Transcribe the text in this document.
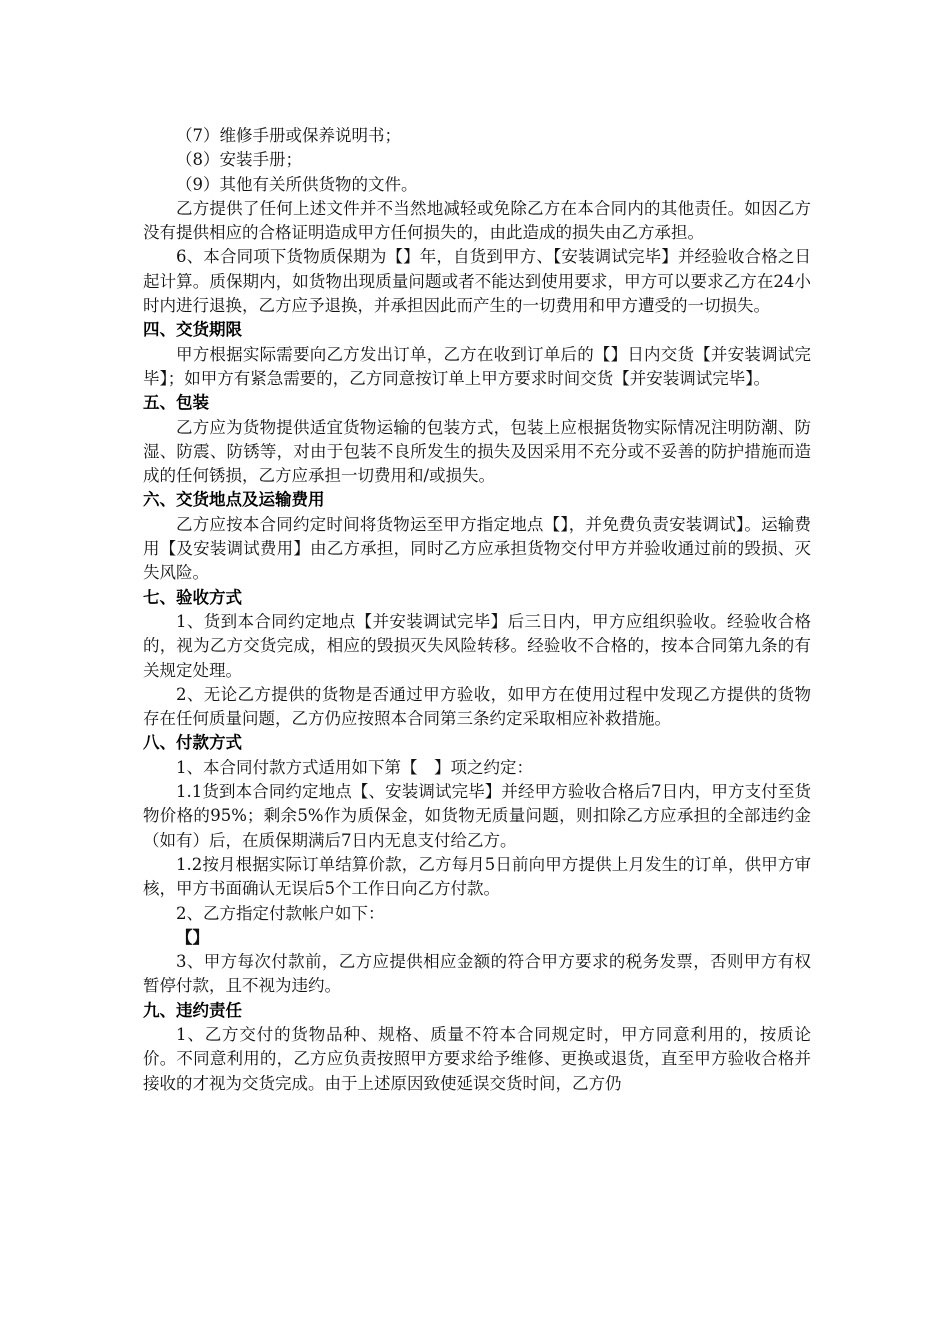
（7）维修手册或保养说明书；

（8）安装手册；

（9）其他有关所供货物的文件。

乙方提供了任何上述文件并不当然地减轻或免除乙方在本合同内的其他责任。如因乙方没有提供相应的合格证明造成甲方任何损失的，由此造成的损失由乙方承担。

6、本合同项下货物质保期为【】年，自货到甲方、【安装调试完毕】并经验收合格之日起计算。质保期内，如货物出现质量问题或者不能达到使用要求，甲方可以要求乙方在24小时内进行退换，乙方应予退换，并承担因此而产生的一切费用和甲方遭受的一切损失。

四、交货期限

甲方根据实际需要向乙方发出订单，乙方在收到订单后的【】日内交货【并安装调试完毕】；如甲方有紧急需要的，乙方同意按订单上甲方要求时间交货【并安装调试完毕】。

五、包装

乙方应为货物提供适宜货物运输的包装方式，包装上应根据货物实际情况注明防潮、防湿、防震、防锈等，对由于包装不良所发生的损失及因采用不充分或不妥善的防护措施而造成的任何锈损，乙方应承担一切费用和/或损失。

六、交货地点及运输费用

乙方应按本合同约定时间将货物运至甲方指定地点【】，并免费负责安装调试】。运输费用【及安装调试费用】由乙方承担，同时乙方应承担货物交付甲方并验收通过前的毁损、灭失风险。

七、验收方式

1、货到本合同约定地点【并安装调试完毕】后三日内，甲方应组织验收。经验收合格的，视为乙方交货完成，相应的毁损灭失风险转移。经验收不合格的，按本合同第九条的有关规定处理。

2、无论乙方提供的货物是否通过甲方验收，如甲方在使用过程中发现乙方提供的货物存在任何质量问题，乙方仍应按照本合同第三条约定采取相应补救措施。

八、付款方式

1、本合同付款方式适用如下第【　】项之约定：

1.1货到本合同约定地点【、安装调试完毕】并经甲方验收合格后7日内，甲方支付至货物价格的95%；剩余5%作为质保金，如货物无质量问题，则扣除乙方应承担的全部违约金（如有）后，在质保期满后7日内无息支付给乙方。

1.2按月根据实际订单结算价款，乙方每月5日前向甲方提供上月发生的订单，供甲方审核，甲方书面确认无误后5个工作日向乙方付款。

2、乙方指定付款帐户如下：

【】

3、甲方每次付款前，乙方应提供相应金额的符合甲方要求的税务发票，否则甲方有权暂停付款，且不视为违约。

九、违约责任

1、乙方交付的货物品种、规格、质量不符本合同规定时，甲方同意利用的，按质论价。不同意利用的，乙方应负责按照甲方要求给予维修、更换或退货，直至甲方验收合格并接收的才视为交货完成。由于上述原因致使延误交货时间，乙方仍
